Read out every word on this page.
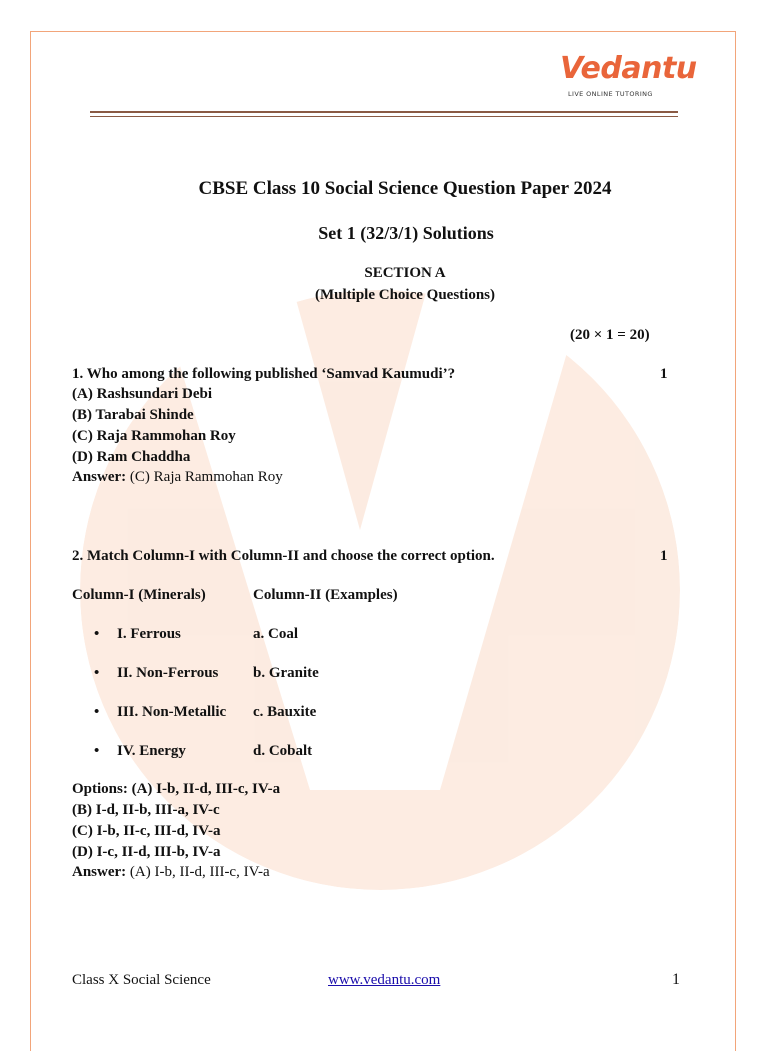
Vedantu
LIVE ONLINE TUTORING
CBSE Class 10 Social Science Question Paper 2024
Set 1 (32/3/1) Solutions
SECTION A
(Multiple Choice Questions)
(20 × 1 = 20)
1. Who among the following published ‘Samvad Kaumudi’?	1
(A) Rashsundari Debi
(B) Tarabai Shinde
(C) Raja Rammohan Roy
(D) Ram Chaddha
Answer: (C) Raja Rammohan Roy
2. Match Column-I with Column-II and choose the correct option.	1
Column-I (Minerals)	Column-II (Examples)
• I. Ferrous	a. Coal
• II. Non-Ferrous b. Granite
• III. Non-Metallic c. Bauxite
• IV. Energy	d. Cobalt
Options: (A) I-b, II-d, III-c, IV-a
(B) I-d, II-b, III-a, IV-c
(C) I-b, II-c, III-d, IV-a
(D) I-c, II-d, III-b, IV-a
Answer: (A) I-b, II-d, III-c, IV-a
Class X Social Science	www.vedantu.com	1
